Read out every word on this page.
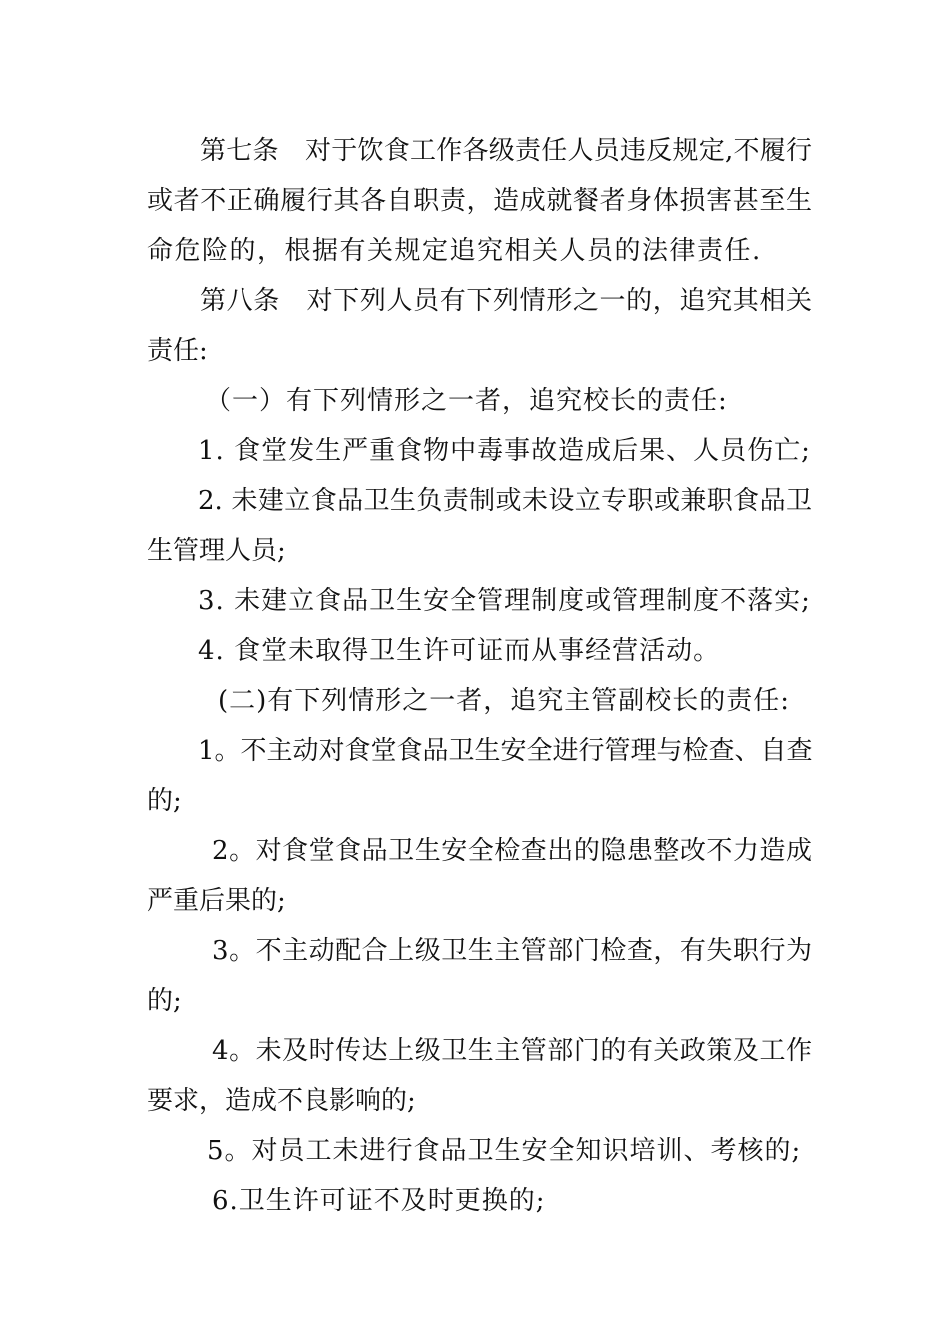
第七条　对于饮食工作各级责任人员违反规定,不履行
或者不正确履行其各自职责，造成就餐者身体损害甚至生
命危险的，根据有关规定追究相关人员的法律责任.
第八条　对下列人员有下列情形之一的，追究其相关
责任:
（一）有下列情形之一者，追究校长的责任:
1. 食堂发生严重食物中毒事故造成后果、人员伤亡;
2. 未建立食品卫生负责制或未设立专职或兼职食品卫
生管理人员;
3. 未建立食品卫生安全管理制度或管理制度不落实;
4. 食堂未取得卫生许可证而从事经营活动。
(二)有下列情形之一者，追究主管副校长的责任:
1。不主动对食堂食品卫生安全进行管理与检查、自查
的;
2。对食堂食品卫生安全检查出的隐患整改不力造成
严重后果的;
3。不主动配合上级卫生主管部门检查，有失职行为
的;
4。未及时传达上级卫生主管部门的有关政策及工作
要求，造成不良影响的;
5。对员工未进行食品卫生安全知识培训、考核的;
6.卫生许可证不及时更换的;
